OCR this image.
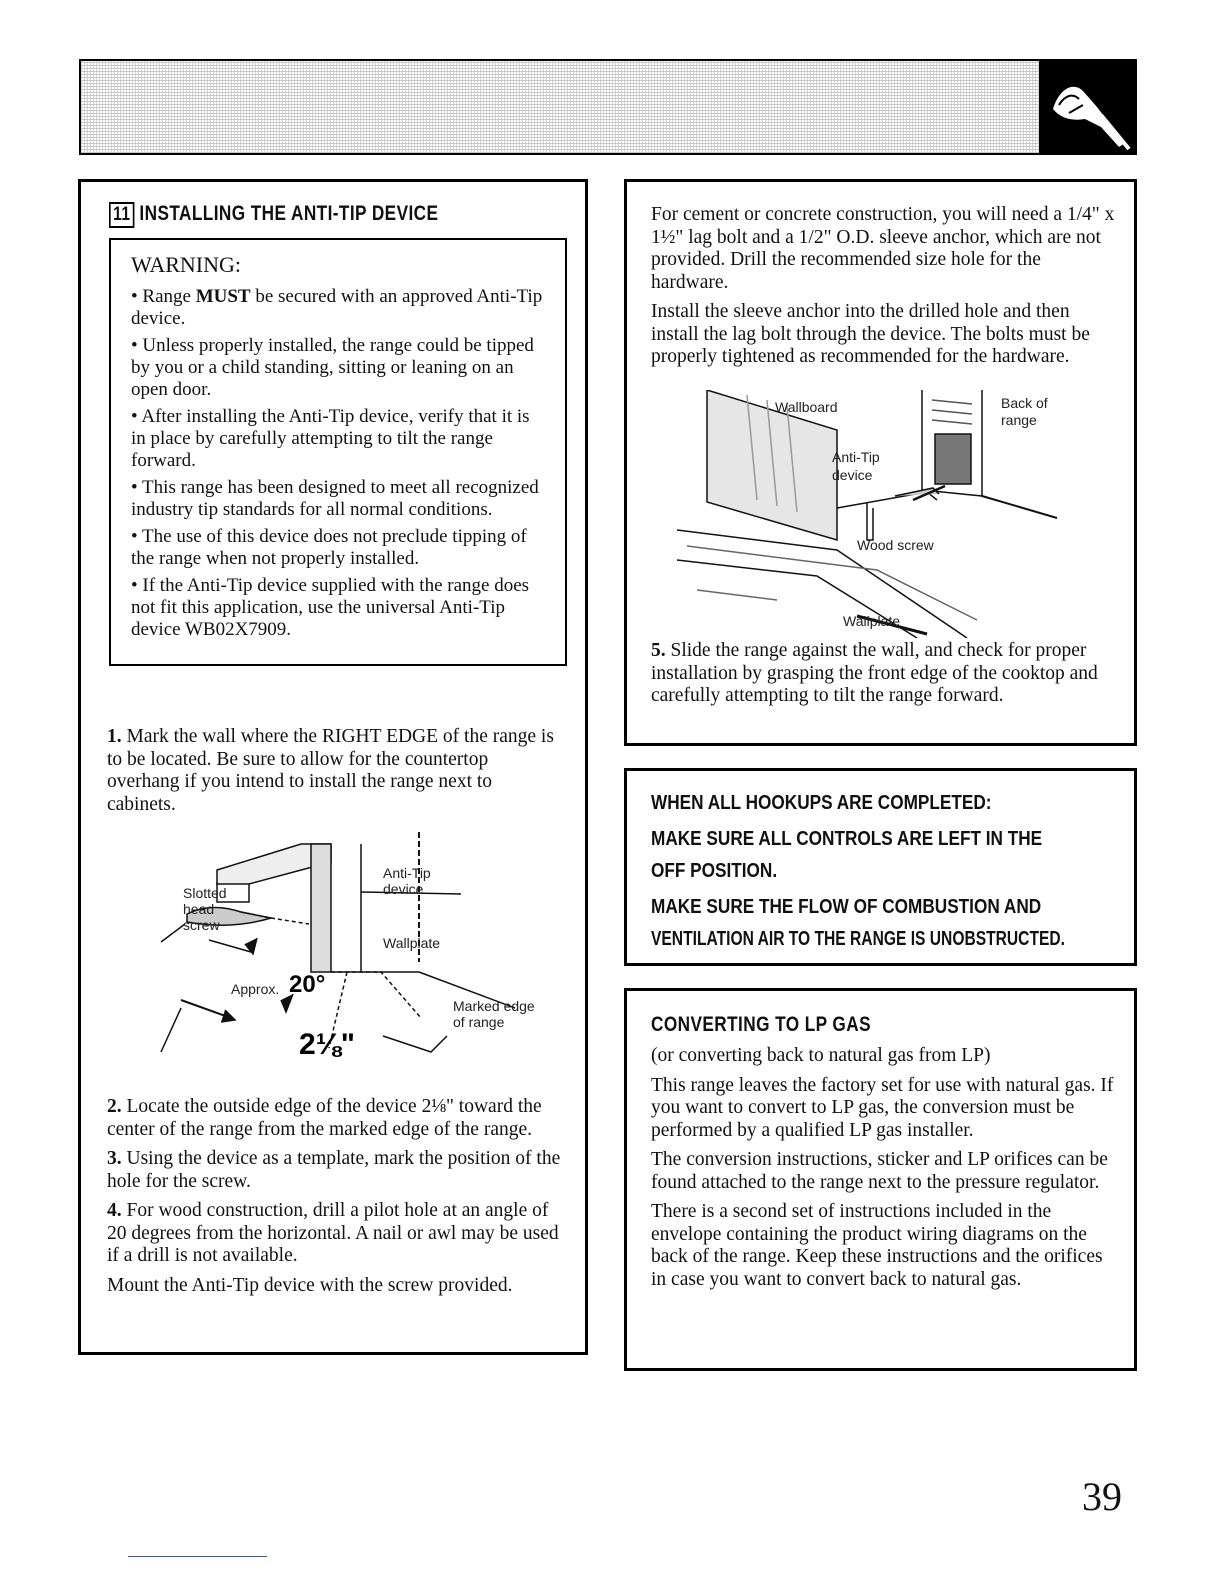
11 INSTALLING THE ANTI-TIP DEVICE
WARNING:

• Range MUST be secured with an approved Anti-Tip device.

• Unless properly installed, the range could be tipped by you or a child standing, sitting or leaning on an open door.

• After installing the Anti-Tip device, verify that it is in place by carefully attempting to tilt the range forward.

• This range has been designed to meet all recognized industry tip standards for all normal conditions.

• The use of this device does not preclude tipping of the range when not properly installed.

• If the Anti-Tip device supplied with the range does not fit this application, use the universal Anti-Tip device WB02X7909.

1. Mark the wall where the RIGHT EDGE of the range is to be located. Be sure to allow for the countertop overhang if you intend to install the range next to cabinets.

Slotted
head
screw
Anti-Tip
device
Wallplate
Approx. 20°
2⅛"
Marked edge
of range

2. Locate the outside edge of the device 2⅛" toward the center of the range from the marked edge of the range.

3. Using the device as a template, mark the position of the hole for the screw.

4. For wood construction, drill a pilot hole at an angle of 20 degrees from the horizontal. A nail or awl may be used if a drill is not available.

Mount the Anti-Tip device with the screw provided.

For cement or concrete construction, you will need a 1/4" x 1½" lag bolt and a 1/2" O.D. sleeve anchor, which are not provided. Drill the recommended size hole for the hardware.

Install the sleeve anchor into the drilled hole and then install the lag bolt through the device. The bolts must be properly tightened as recommended for the hardware.

Wallboard	Back of
range
Anti-Tip
device
Wood screw
Wallplate

5. Slide the range against the wall, and check for proper installation by grasping the front edge of the cooktop and carefully attempting to tilt the range forward.

WHEN ALL HOOKUPS ARE COMPLETED:

MAKE SURE ALL CONTROLS ARE LEFT IN THE

OFF POSITION.

MAKE SURE THE FLOW OF COMBUSTION AND

VENTILATION AIR TO THE RANGE IS UNOBSTRUCTED.

CONVERTING TO LP GAS

(or converting back to natural gas from LP)

This range leaves the factory set for use with natural gas. If you want to convert to LP gas, the conversion must be performed by a qualified LP gas installer.

The conversion instructions, sticker and LP orifices can be found attached to the range next to the pressure regulator.

There is a second set of instructions included in the envelope containing the product wiring diagrams on the back of the range. Keep these instructions and the orifices in case you want to convert back to natural gas.

39
